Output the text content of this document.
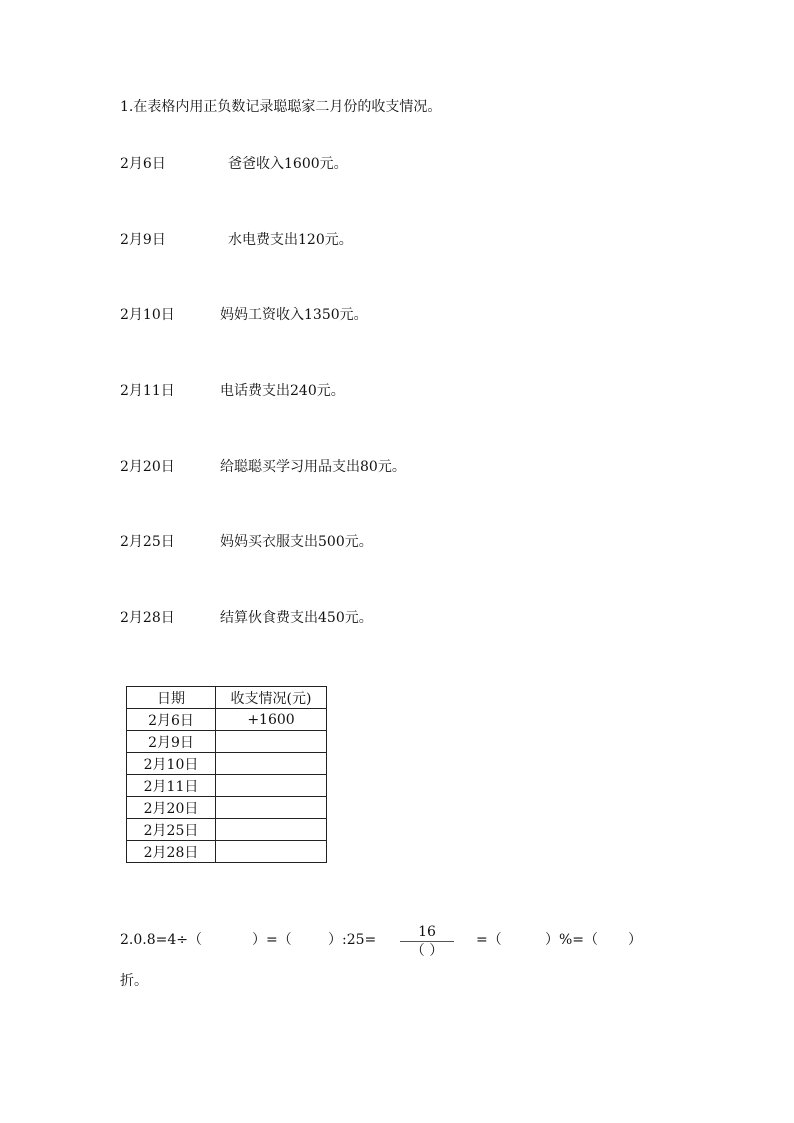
1.在表格内用正负数记录聪聪家二月份的收支情况。
2月6日	爸爸收入1600元。
2月9日	水电费支出120元。
2月10日	妈妈工资收入1350元。
2月11日	电话费支出240元。
2月20日	给聪聪买学习用品支出80元。
2月25日	妈妈买衣服支出500元。
2月28日	结算伙食费支出450元。
日期	收支情况(元)
2月6日	+1600
2月9日	
2月10日	
2月11日	
2月20日	
2月25日	
2月28日	
2.0.8=4÷（	）=（	）:25=	=（	）%=（ ）
16
（ ）
折。
